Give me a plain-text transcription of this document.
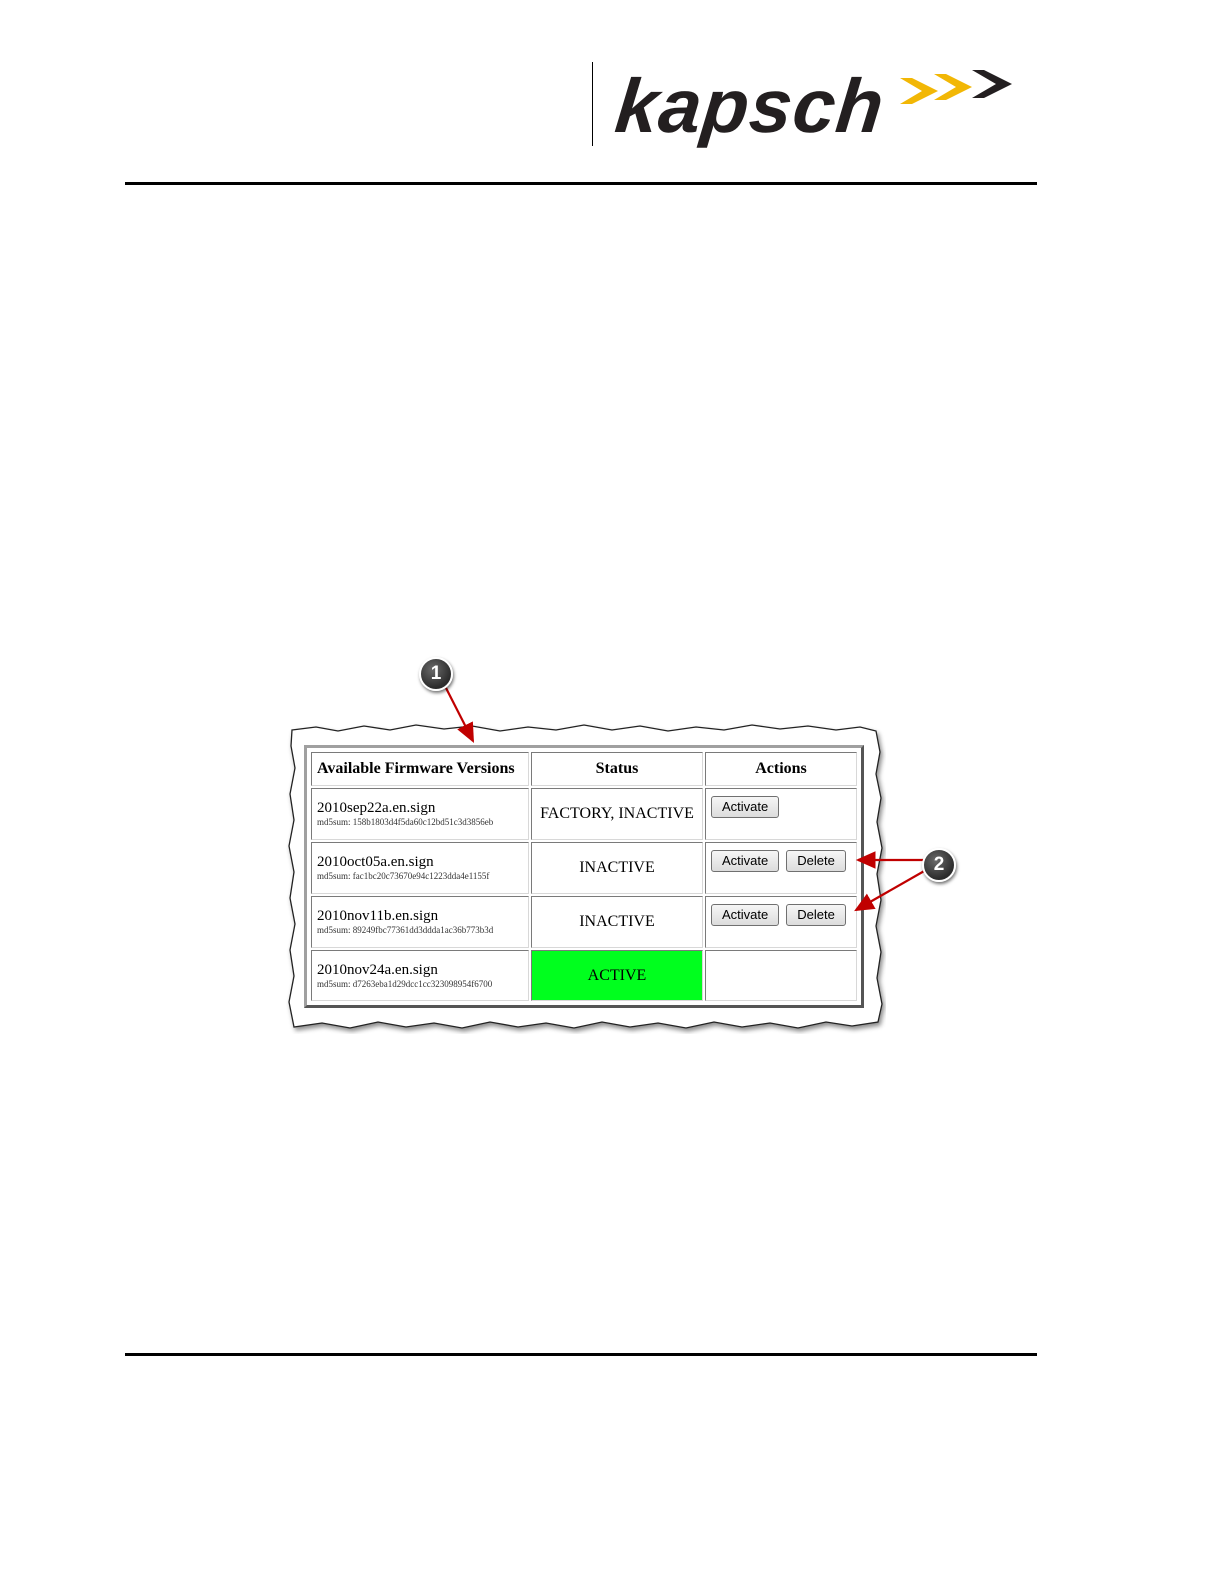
kapsch
Available Firmware Versions	Status	Actions

2010sep22a.en.sign
md5sum: 158b1803d4f5da60c12bd51c3d3856eb	FACTORY, INACTIVE	Activate

2010oct05a.en.sign
md5sum: fac1bc20c73670e94c1223dda4e1155f	INACTIVE	Activate Delete

2010nov11b.en.sign
md5sum: 89249fbc77361dd3ddda1ac36b773b3d	INACTIVE	Activate Delete

2010nov24a.en.sign
md5sum: d7263eba1d29dcc1cc323098954f6700	ACTIVE	
1
2
